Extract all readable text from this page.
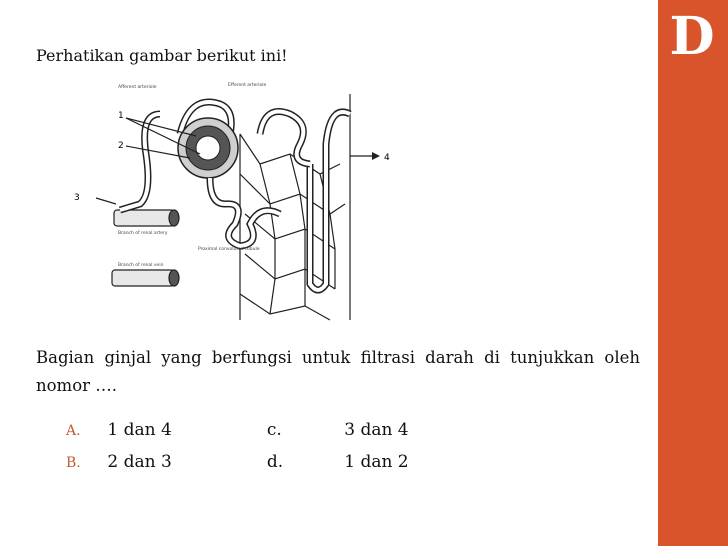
D
Perhatikan gambar berikut ini!
1
2
3
4
Afferent arteriole	Efferent arteriole
Branch of renal artery
Branch of renal vein
Proximal convoluted tubule
Bagian ginjal yang berfungsi untuk filtrasi darah di tunjukkan oleh nomor ….
A. 1 dan 4	c.	3 dan 4
B. 2 dan 3	d.	1 dan 2
